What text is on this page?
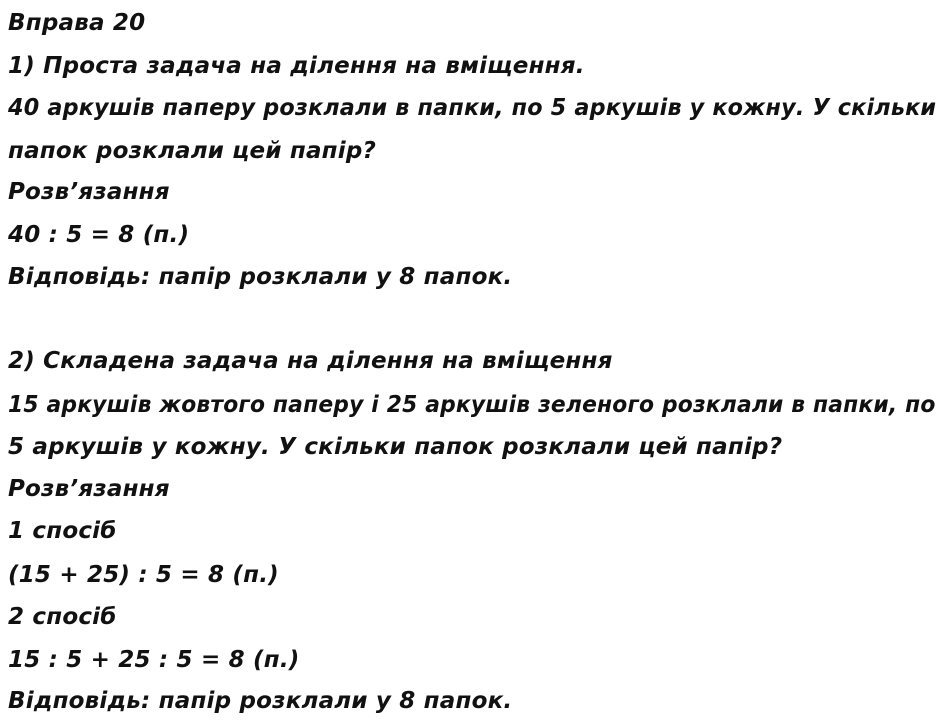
Вправа 20
1) Проста задача на ділення на вміщення.
40 аркушів паперу розклали в папки, по 5 аркушів у кожну. У скільки
папок розклали цей папір?
Розв’язання
40 : 5 = 8 (п.)
Відповідь: папір розклали у 8 папок.
2) Складена задача на ділення на вміщення
15 аркушів жовтого паперу і 25 аркушів зеленого розклали в папки, по
5 аркушів у кожну. У скільки папок розклали цей папір?
Розв’язання
1 спосіб
(15 + 25) : 5 = 8 (п.)
2 спосіб
15 : 5 + 25 : 5 = 8 (п.)
Відповідь: папір розклали у 8 папок.
